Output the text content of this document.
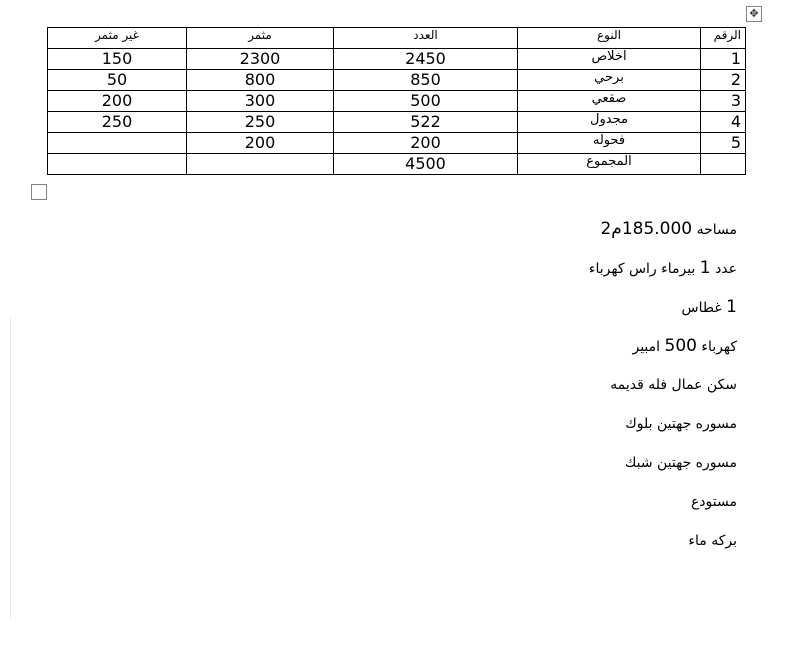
✥
الرقم	النوع	العدد	مثمر	غير مثمر
1	اخلاص	2450	2300	150
2	برحي	850	800	50
3	صقعي	500	300	200
4	مجدول	522	250	250
5	فحوله	200	200	
	المجموع	4500		
مساحه 185.000م2
عدد 1 بيرماء راس كهرباء
1 غطاس
كهرباء 500 امبير
سكن عمال فله قديمه
مسوره جهتين بلوك
مسوره جهتين شبك
مستودع
بركه ماء
